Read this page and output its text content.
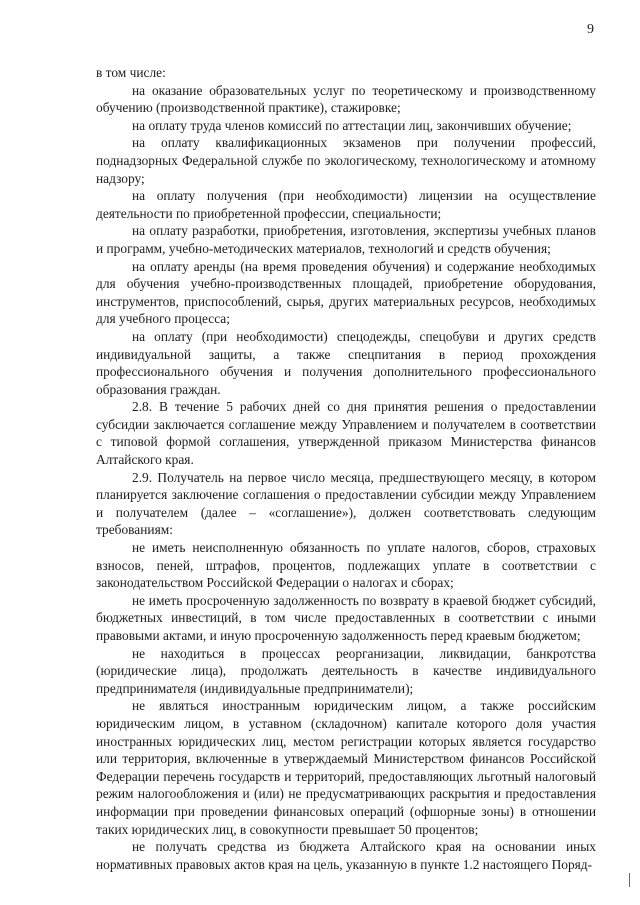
9

в том числе:

на оказание образовательных услуг по теоретическому и производственному обучению (производственной практике), стажировке;

на оплату труда членов комиссий по аттестации лиц, закончивших обучение;

на оплату квалификационных экзаменов при получении профессий, поднадзорных Федеральной службе по экологическому, технологическому и атомному надзору;

на оплату получения (при необходимости) лицензии на осуществление деятельности по приобретенной профессии, специальности;

на оплату разработки, приобретения, изготовления, экспертизы учебных планов и программ, учебно-методических материалов, технологий и средств обучения;

на оплату аренды (на время проведения обучения) и содержание необходимых для обучения учебно-производственных площадей, приобретение оборудования, инструментов, приспособлений, сырья, других материальных ресурсов, необходимых для учебного процесса;

на оплату (при необходимости) спецодежды, спецобуви и других средств индивидуальной защиты, а также спецпитания в период прохождения профессионального обучения и получения дополнительного профессионального образования граждан.

2.8. В течение 5 рабочих дней со дня принятия решения о предоставлении субсидии заключается соглашение между Управлением и получателем в соответствии с типовой формой соглашения, утвержденной приказом Министерства финансов Алтайского края.

2.9. Получатель на первое число месяца, предшествующего месяцу, в котором планируется заключение соглашения о предоставлении субсидии между Управлением и получателем (далее – «соглашение»), должен соответствовать следующим требованиям:

не иметь неисполненную обязанность по уплате налогов, сборов, страховых взносов, пеней, штрафов, процентов, подлежащих уплате в соответствии с законодательством Российской Федерации о налогах и сборах;

не иметь просроченную задолженность по возврату в краевой бюджет субсидий, бюджетных инвестиций, в том числе предоставленных в соответствии с иными правовыми актами, и иную просроченную задолженность перед краевым бюджетом;

не находиться в процессах реорганизации, ликвидации, банкротства (юридические лица), продолжать деятельность в качестве индивидуального предпринимателя (индивидуальные предприниматели);

не являться иностранным юридическим лицом, а также российским юридическим лицом, в уставном (складочном) капитале которого доля участия иностранных юридических лиц, местом регистрации которых является государство или территория, включенные в утверждаемый Министерством финансов Российской Федерации перечень государств и территорий, предоставляющих льготный налоговый режим налогообложения и (или) не предусматривающих раскрытия и предоставления информации при проведении финансовых операций (офшорные зоны) в отношении таких юридических лиц, в совокупности превышает 50 процентов;

не получать средства из бюджета Алтайского края на основании иных нормативных правовых актов края на цель, указанную в пункте 1.2 настоящего Поряд-
